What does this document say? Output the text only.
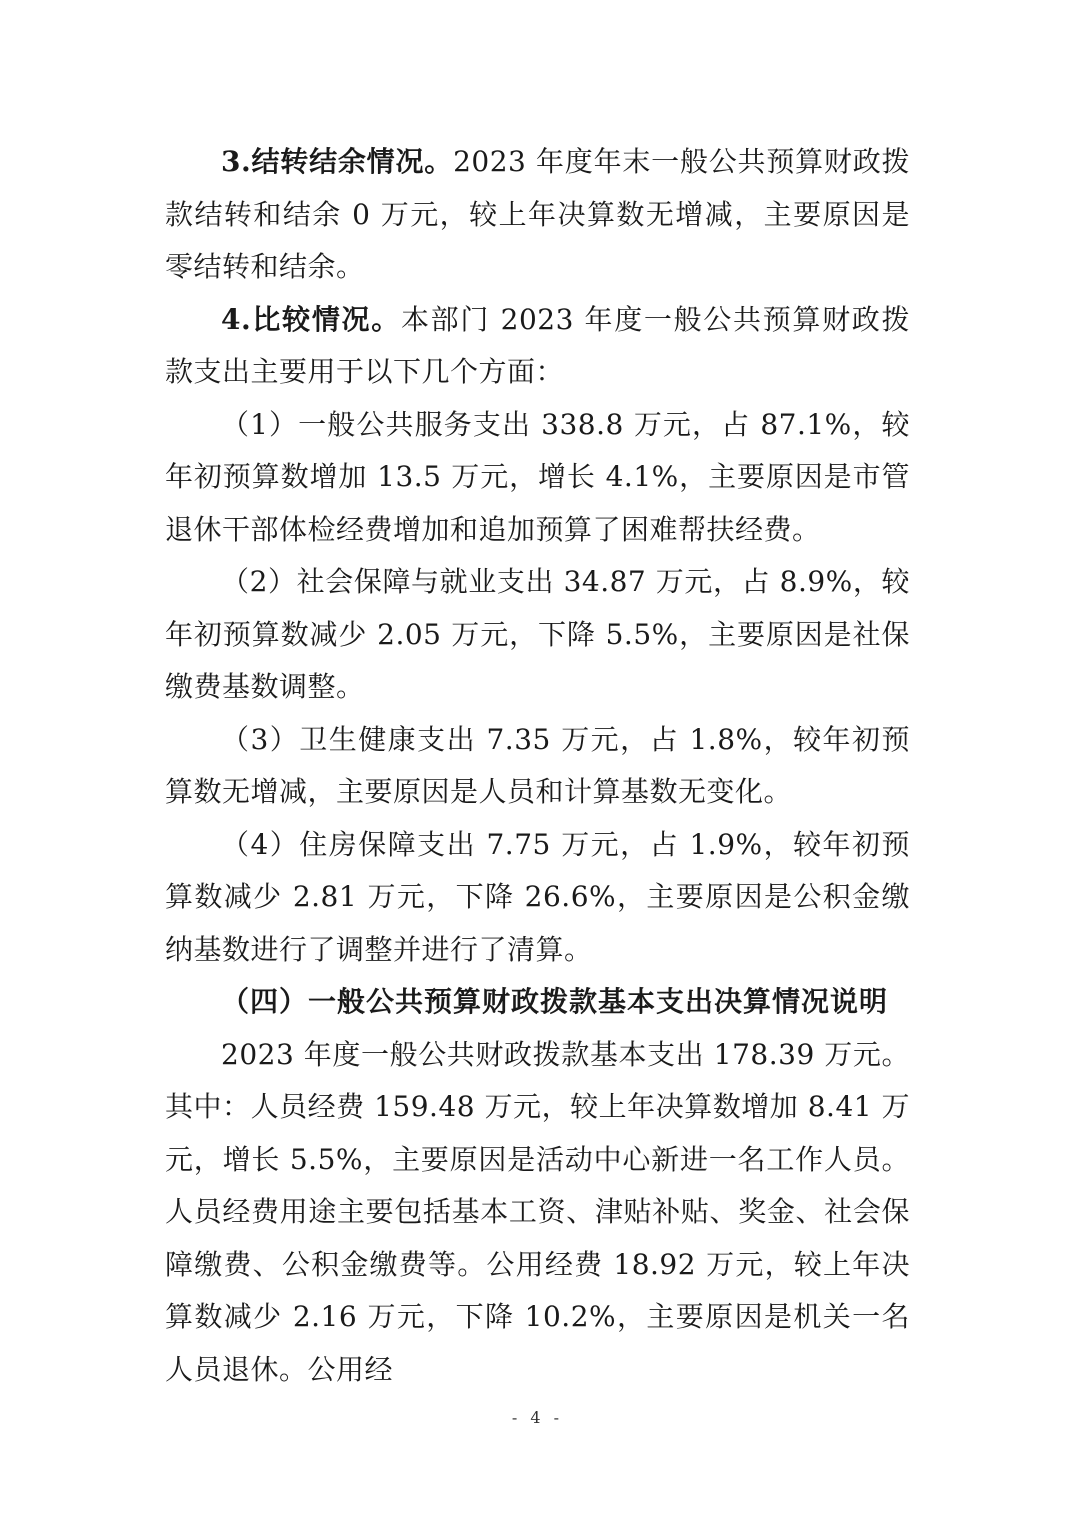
3.结转结余情况。2023 年度年末一般公共预算财政拨款结转和结余 0 万元，较上年决算数无增减，主要原因是零结转和结余。

4.比较情况。本部门 2023 年度一般公共预算财政拨款支出主要用于以下几个方面：

（1）一般公共服务支出 338.8 万元，占 87.1%，较年初预算数增加 13.5 万元，增长 4.1%，主要原因是市管退休干部体检经费增加和追加预算了困难帮扶经费。

（2）社会保障与就业支出 34.87 万元，占 8.9%，较年初预算数减少 2.05 万元，下降 5.5%，主要原因是社保缴费基数调整。

（3）卫生健康支出 7.35 万元，占 1.8%，较年初预算数无增减，主要原因是人员和计算基数无变化。

（4）住房保障支出 7.75 万元，占 1.9%，较年初预算数减少 2.81 万元，下降 26.6%，主要原因是公积金缴纳基数进行了调整并进行了清算。

（四）一般公共预算财政拨款基本支出决算情况说明

2023 年度一般公共财政拨款基本支出 178.39 万元。其中：人员经费 159.48 万元，较上年决算数增加 8.41 万元，增长 5.5%，主要原因是活动中心新进一名工作人员。人员经费用途主要包括基本工资、津贴补贴、奖金、社会保障缴费、公积金缴费等。公用经费 18.92 万元，较上年决算数减少 2.16 万元，下降 10.2%，主要原因是机关一名人员退休。公用经

- 4 -
